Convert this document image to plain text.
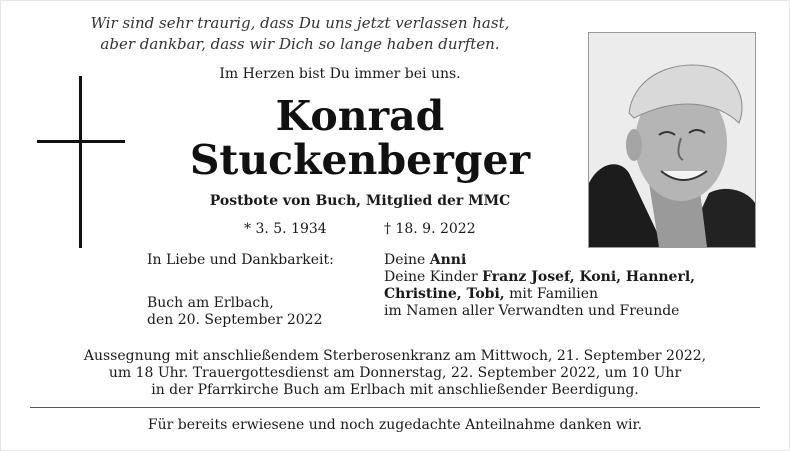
Wir sind sehr traurig, dass Du uns jetzt verlassen hast,
aber dankbar, dass wir Dich so lange haben durften.
Im Herzen bist Du immer bei uns.
Konrad
Stuckenberger
Postbote von Buch, Mitglied der MMC
* 3. 5. 1934	† 18. 9. 2022
In Liebe und Dankbarkeit:	Deine Anni
Deine Kinder Franz Josef, Koni, Hannerl,
Christine, Tobi, mit Familien
im Namen aller Verwandten und Freunde
Buch am Erlbach,
den 20. September 2022
Aussegnung mit anschließendem Sterberosenkranz am Mittwoch, 21. September 2022,
um 18 Uhr. Trauergottesdienst am Donnerstag, 22. September 2022, um 10 Uhr
in der Pfarrkirche Buch am Erlbach mit anschließender Beerdigung.
Für bereits erwiesene und noch zugedachte Anteilnahme danken wir.
